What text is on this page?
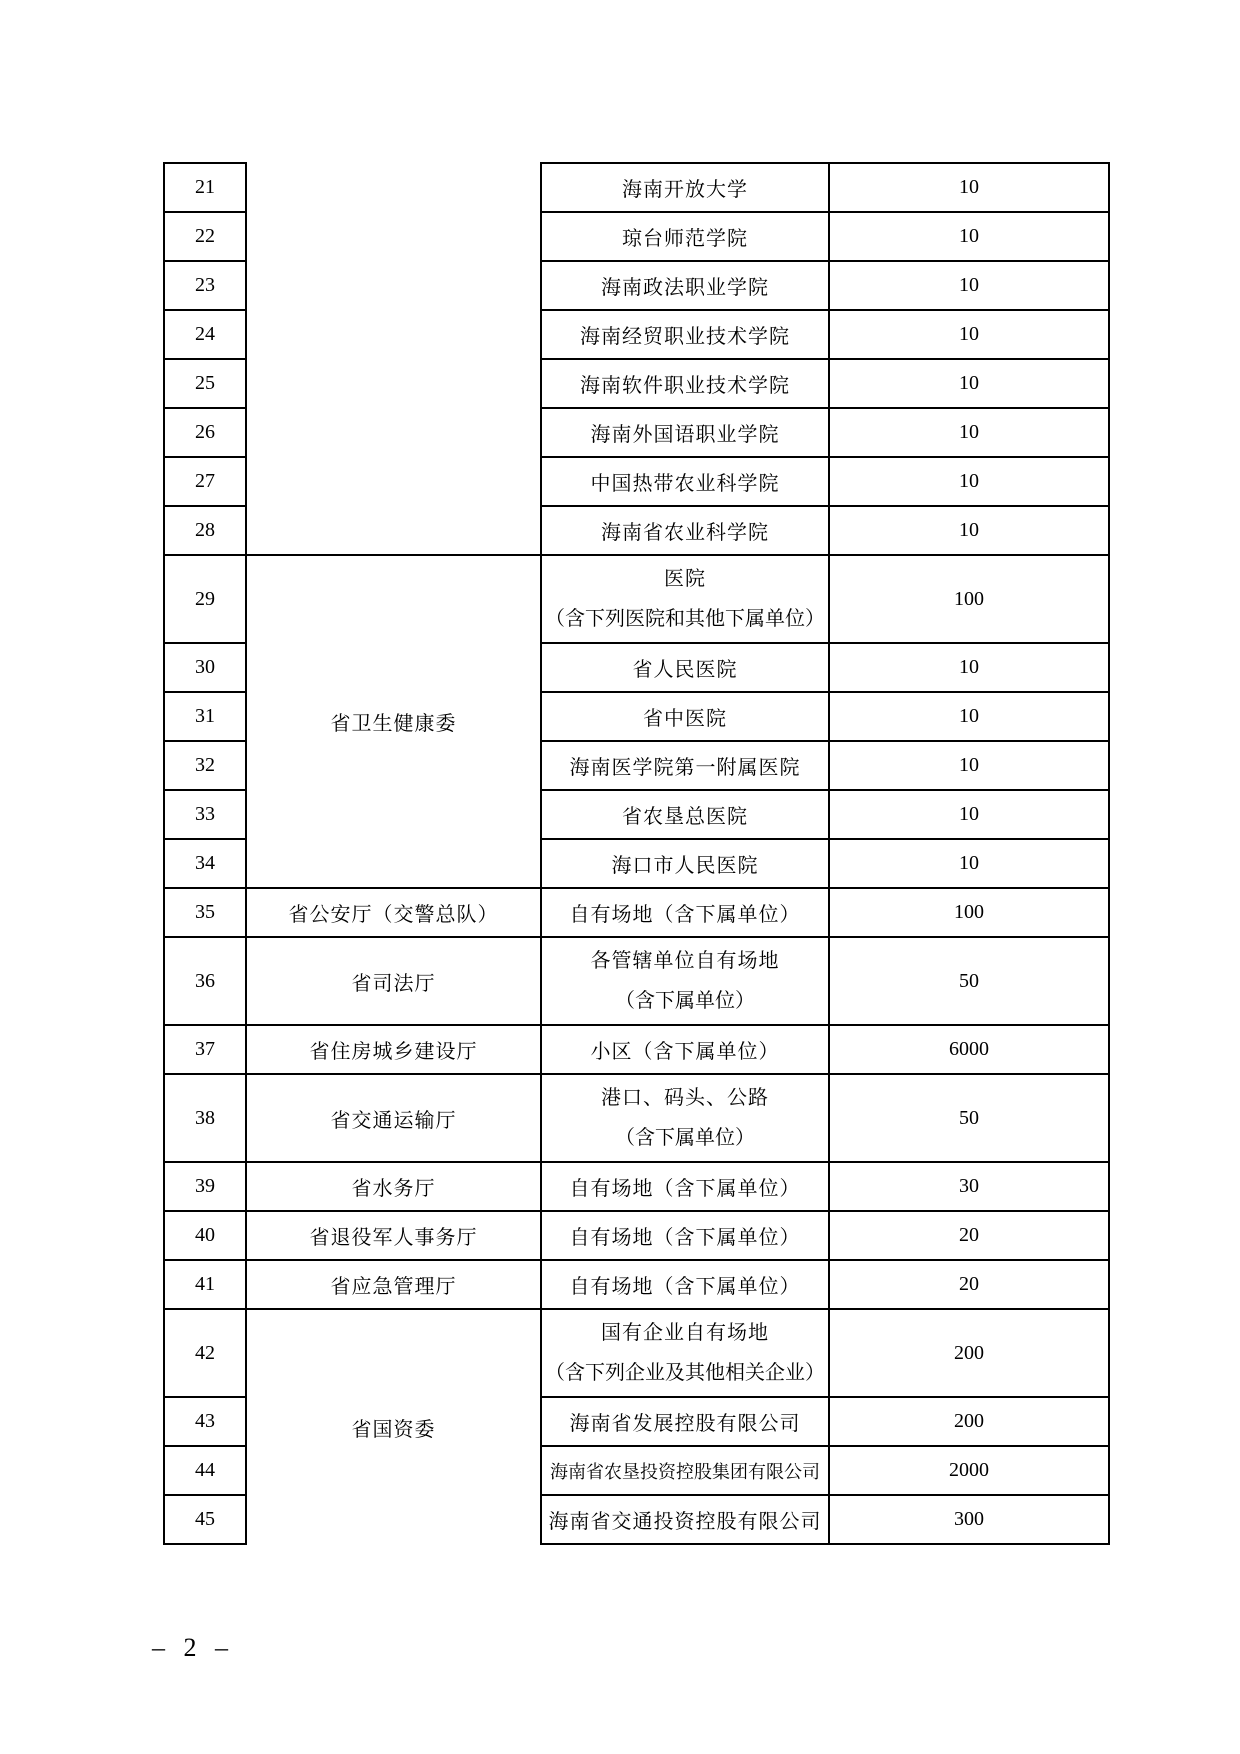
21		海南开放大学	10
22		琼台师范学院	10
23		海南政法职业学院	10
24		海南经贸职业技术学院	10
25		海南软件职业技术学院	10
26		海南外国语职业学院	10
27		中国热带农业科学院	10
28		海南省农业科学院	10
29	省卫生健康委	医院
（含下列医院和其他下属单位）	100
30		省人民医院	10
31		省中医院	10
32		海南医学院第一附属医院	10
33		省农垦总医院	10
34		海口市人民医院	10
35	省公安厅（交警总队）	自有场地（含下属单位）	100
36	省司法厅	各管辖单位自有场地
（含下属单位）	50
37	省住房城乡建设厅	小区（含下属单位）	6000
38	省交通运输厅	港口、码头、公路
（含下属单位）	50
39	省水务厅	自有场地（含下属单位）	30
40	省退役军人事务厅	自有场地（含下属单位）	20
41	省应急管理厅	自有场地（含下属单位）	20
42	省国资委	国有企业自有场地
（含下列企业及其他相关企业）	200
43		海南省发展控股有限公司	200
44		海南省农垦投资控股集团有限公司	2000
45		海南省交通投资控股有限公司	300
– 2 –
